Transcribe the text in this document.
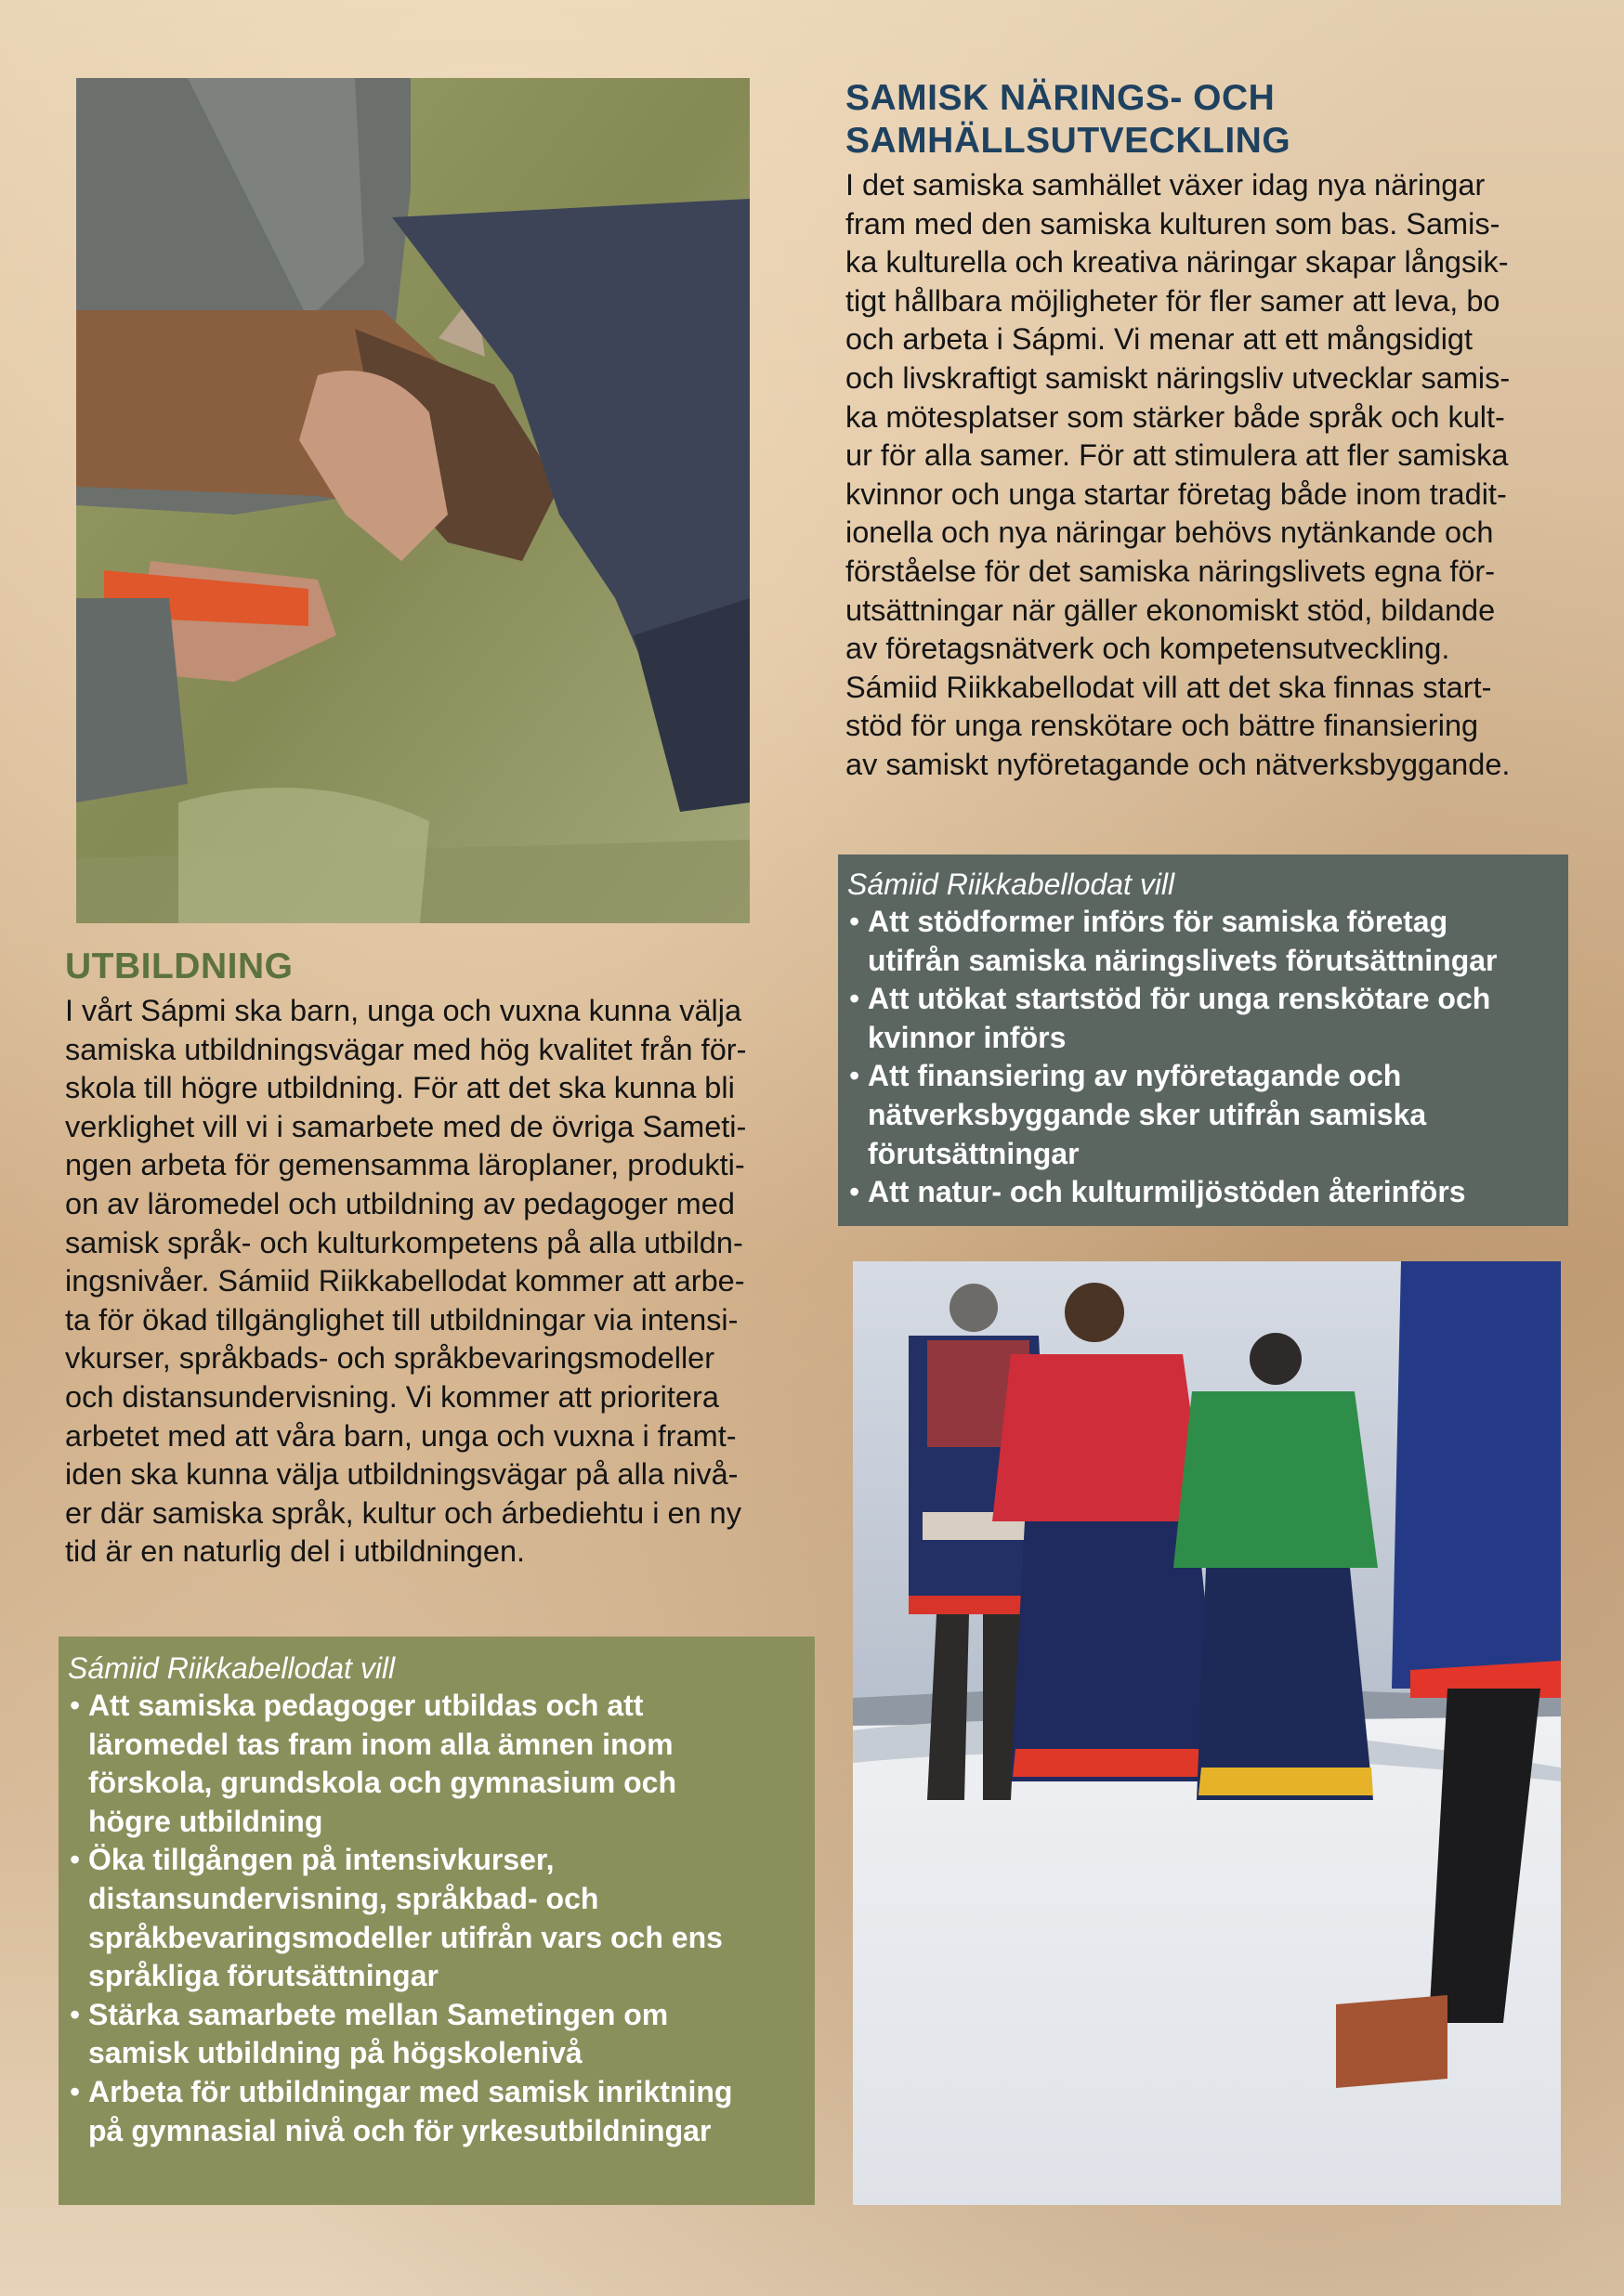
SAMISK NÄRINGS- OCH
SAMHÄLLSUTVECKLING

I det samiska samhället växer idag nya näringar
fram med den samiska kulturen som bas. Samis-
ka kulturella och kreativa näringar skapar långsik-
tigt hållbara möjligheter för fler samer att leva, bo
och arbeta i Sápmi. Vi menar att ett mångsidigt
och livskraftigt samiskt näringsliv utvecklar samis-
ka mötesplatser som stärker både språk och kult-
ur för alla samer. För att stimulera att fler samiska
kvinnor och unga startar företag både inom tradit-
ionella och nya näringar behövs nytänkande och
förståelse för det samiska näringslivets egna för-
utsättningar när gäller ekonomiskt stöd, bildande
av företagsnätverk och kompetensutveckling.
Sámiid Riikkabellodat vill att det ska finnas start-
stöd för unga renskötare och bättre finansiering
av samiskt nyföretagande och nätverksbyggande.

Sámiid Riikkabellodat vill

• Att stödformer införs för samiska företag
utifrån samiska näringslivets förutsättningar
• Att utökat startstöd för unga renskötare och
kvinnor införs
• Att finansiering av nyföretagande och
nätverksbyggande sker utifrån samiska
förutsättningar
• Att natur- och kulturmiljöstöden återinförs
UTBILDNING

I vårt Sápmi ska barn, unga och vuxna kunna välja
samiska utbildningsvägar med hög kvalitet från för-
skola till högre utbildning. För att det ska kunna bli
verklighet vill vi i samarbete med de övriga Sameti-
ngen arbeta för gemensamma läroplaner, produkti-
on av läromedel och utbildning av pedagoger med
samisk språk- och kulturkompetens på alla utbildn-
ingsnivåer. Sámiid Riikkabellodat kommer att arbe-
ta för ökad tillgänglighet till utbildningar via intensi-
vkurser, språkbads- och språkbevaringsmodeller
och distansundervisning. Vi kommer att prioritera
arbetet med att våra barn, unga och vuxna i framt-
iden ska kunna välja utbildningsvägar på alla nivå-
er där samiska språk, kultur och árbediehtu i en ny
tid är en naturlig del i utbildningen.

Sámiid Riikkabellodat vill

• Att samiska pedagoger utbildas och att
läromedel tas fram inom alla ämnen inom
förskola, grundskola och gymnasium och
högre utbildning
• Öka tillgången på intensivkurser,
distansundervisning, språkbad- och
språkbevaringsmodeller utifrån vars och ens
språkliga förutsättningar
• Stärka samarbete mellan Sametingen om
samisk utbildning på högskolenivå
• Arbeta för utbildningar med samisk inriktning
på gymnasial nivå och för yrkesutbildningar
